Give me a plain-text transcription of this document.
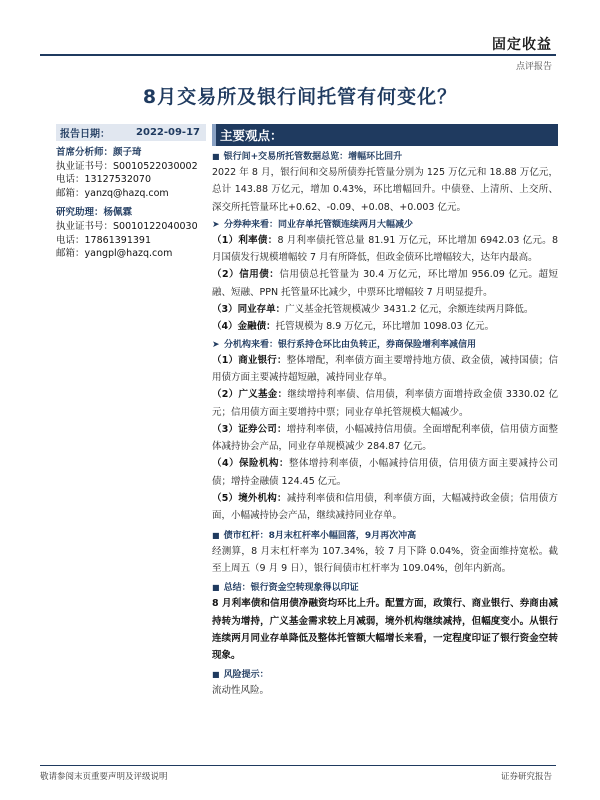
固定收益
点评报告
8月交易所及银行间托管有何变化？
报告日期：	2022-09-17
首席分析师：颜子琦
执业证书号：S0010522030002
电话：13127532070
邮箱：yanzq@hazq.com
研究助理：杨佩霖
执业证书号：S0010122040030
电话：17861391391
邮箱：yangpl@hazq.com
主要观点：
■ 银行间+交易所托管数据总览：增幅环比回升
2022 年 8 月，银行间和交易所债券托管量分别为 125 万亿元和 18.88 万亿元，总计 143.88 万亿元，增加 0.43%，环比增幅回升。中债登、上清所、上交所、深交所托管量环比+0.62、-0.09、+0.08、+0.003 亿元。
➤ 分券种来看：同业存单托管额连续两月大幅减少
（1）利率债：8 月利率债托管总量 81.91 万亿元，环比增加 6942.03 亿元。8 月国债发行规模增幅较 7 月有所降低，但政金债环比增幅较大，达年内最高。
（2）信用债：信用债总托管量为 30.4 万亿元，环比增加 956.09 亿元。超短融、短融、PPN 托管量环比减少，中票环比增幅较 7 月明显提升。
（3）同业存单：广义基金托管规模减少 3431.2 亿元，余额连续两月降低。
（4）金融债：托管规模为 8.9 万亿元，环比增加 1098.03 亿元。
➤ 分机构来看：银行系持仓环比由负转正，券商保险增利率减信用
（1）商业银行：整体增配，利率债方面主要增持地方债、政金债，减持国债；信用债方面主要减持超短融，减持同业存单。
（2）广义基金：继续增持利率债、信用债，利率债方面增持政金债 3330.02 亿元；信用债方面主要增持中票；同业存单托管规模大幅减少。
（3）证券公司：增持利率债，小幅减持信用债。全面增配利率债，信用债方面整体减持协会产品，同业存单规模减少 284.87 亿元。
（4）保险机构：整体增持利率债，小幅减持信用债，信用债方面主要减持公司债；增持金融债 124.45 亿元。
（5）境外机构：减持利率债和信用债，利率债方面，大幅减持政金债；信用债方面，小幅减持协会产品，继续减持同业存单。
■ 债市杠杆：8月末杠杆率小幅回落，9月再次冲高
经测算，8 月末杠杆率为 107.34%，较 7 月下降 0.04%，资金面维持宽松。截至上周五（9 月 9 日），银行间债市杠杆率为 109.04%，创年内新高。
■ 总结：银行资金空转现象得以印证
8 月利率债和信用债净融资均环比上升。配置方面，政策行、商业银行、券商由减持转为增持，广义基金需求较上月减弱，境外机构继续减持，但幅度变小。从银行连续两月同业存单降低及整体托管额大幅增长来看，一定程度印证了银行资金空转现象。
■ 风险提示：
流动性风险。
敬请参阅末页重要声明及评级说明	证券研究报告
